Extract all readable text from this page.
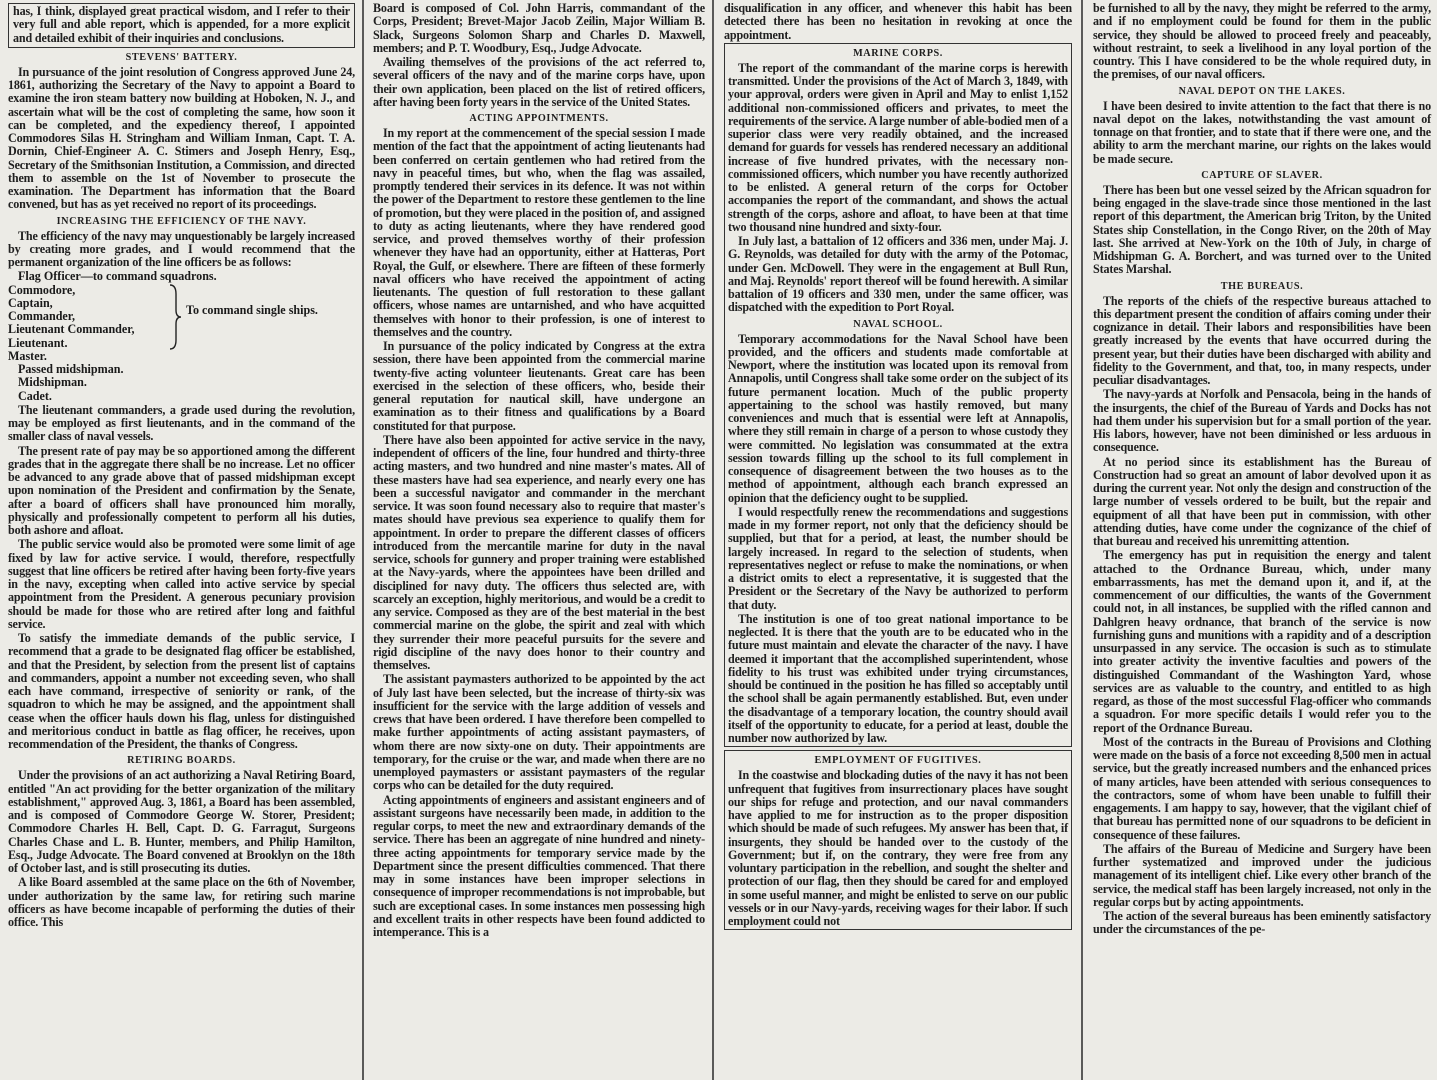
has, I think, displayed great practical wisdom, and I refer to their very full and able report, which is appended, for a more explicit and detailed exhibit of their inquiries and conclusions.

STEVENS' BATTERY.

In pursuance of the joint resolution of Congress approved June 24, 1861, authorizing the Secretary of the Navy to appoint a Board to examine the iron steam battery now building at Hoboken, N. J., and ascertain what will be the cost of completing the same, how soon it can be completed, and the expediency thereof, I appointed Commodores Silas H. Stringham and William Inman, Capt. T. A. Dornin, Chief-Engineer A. C. Stimers and Joseph Henry, Esq., Secretary of the Smithsonian Institution, a Commission, and directed them to assemble on the 1st of November to prosecute the examination. The Department has information that the Board convened, but has as yet received no report of its proceedings.

INCREASING THE EFFICIENCY OF THE NAVY.

The efficiency of the navy may unquestionably be largely increased by creating more grades, and I would recommend that the permanent organization of the line officers be as follows:

Flag Officer—to command squadrons.
Commodore,
Captain,
Commander,
Lieutenant Commander,
Lieutenant.
Master.
To command single ships.
Passed midshipman.
Midshipman.
Cadet.

The lieutenant commanders, a grade used during the revolution, may be employed as first lieutenants, and in the command of the smaller class of naval vessels.

The present rate of pay may be so apportioned among the different grades that in the aggregate there shall be no increase. Let no officer be advanced to any grade above that of passed midshipman except upon nomination of the President and confirmation by the Senate, after a board of officers shall have pronounced him morally, physically and professionally competent to perform all his duties, both ashore and afloat.

The public service would also be promoted were some limit of age fixed by law for active service. I would, therefore, respectfully suggest that line officers be retired after having been forty-five years in the navy, excepting when called into active service by special appointment from the President. A generous pecuniary provision should be made for those who are retired after long and faithful service.

To satisfy the immediate demands of the public service, I recommend that a grade to be designated flag officer be established, and that the President, by selection from the present list of captains and commanders, appoint a number not exceeding seven, who shall each have command, irrespective of seniority or rank, of the squadron to which he may be assigned, and the appointment shall cease when the officer hauls down his flag, unless for distinguished and meritorious conduct in battle as flag officer, he receives, upon recommendation of the President, the thanks of Congress.

RETIRING BOARDS.

Under the provisions of an act authorizing a Naval Retiring Board, entitled "An act providing for the better organization of the military establishment," approved Aug. 3, 1861, a Board has been assembled, and is composed of Commodore George W. Storer, President; Commodore Charles H. Bell, Capt. D. G. Farragut, Surgeons Charles Chase and L. B. Hunter, members, and Philip Hamilton, Esq., Judge Advocate. The Board convened at Brooklyn on the 18th of October last, and is still prosecuting its duties.

A like Board assembled at the same place on the 6th of November, under authorization by the same law, for retiring such marine officers as have become incapable of performing the duties of their office. This

Board is composed of Col. John Harris, commandant of the Corps, President; Brevet-Major Jacob Zeilin, Major William B. Slack, Surgeons Solomon Sharp and Charles D. Maxwell, members; and P. T. Woodbury, Esq., Judge Advocate.

Availing themselves of the provisions of the act referred to, several officers of the navy and of the marine corps have, upon their own application, been placed on the list of retired officers, after having been forty years in the service of the United States.

ACTING APPOINTMENTS.

In my report at the commencement of the special session I made mention of the fact that the appointment of acting lieutenants had been conferred on certain gentlemen who had retired from the navy in peaceful times, but who, when the flag was assailed, promptly tendered their services in its defence. It was not within the power of the Department to restore these gentlemen to the line of promotion, but they were placed in the position of, and assigned to duty as acting lieutenants, where they have rendered good service, and proved themselves worthy of their profession whenever they have had an opportunity, either at Hatteras, Port Royal, the Gulf, or elsewhere. There are fifteen of these formerly naval officers who have received the appointment of acting lieutenants. The question of full restoration to these gallant officers, whose names are untarnished, and who have acquitted themselves with honor to their profession, is one of interest to themselves and the country.

In pursuance of the policy indicated by Congress at the extra session, there have been appointed from the commercial marine twenty-five acting volunteer lieutenants. Great care has been exercised in the selection of these officers, who, beside their general reputation for nautical skill, have undergone an examination as to their fitness and qualifications by a Board constituted for that purpose.

There have also been appointed for active service in the navy, independent of officers of the line, four hundred and thirty-three acting masters, and two hundred and nine master's mates. All of these masters have had sea experience, and nearly every one has been a successful navigator and commander in the merchant service. It was soon found necessary also to require that master's mates should have previous sea experience to qualify them for appointment. In order to prepare the different classes of officers introduced from the mercantile marine for duty in the naval service, schools for gunnery and proper training were established at the Navy-yards, where the appointees have been drilled and disciplined for navy duty. The officers thus selected are, with scarcely an exception, highly meritorious, and would be a credit to any service. Composed as they are of the best material in the best commercial marine on the globe, the spirit and zeal with which they surrender their more peaceful pursuits for the severe and rigid discipline of the navy does honor to their country and themselves.

The assistant paymasters authorized to be appointed by the act of July last have been selected, but the increase of thirty-six was insufficient for the service with the large addition of vessels and crews that have been ordered. I have therefore been compelled to make further appointments of acting assistant paymasters, of whom there are now sixty-one on duty. Their appointments are temporary, for the cruise or the war, and made when there are no unemployed paymasters or assistant paymasters of the regular corps who can be detailed for the duty required.

Acting appointments of engineers and assistant engineers and of assistant surgeons have necessarily been made, in addition to the regular corps, to meet the new and extraordinary demands of the service. There has been an aggregate of nine hundred and ninety-three acting appointments for temporary service made by the Department since the present difficulties commenced. That there may in some instances have been improper selections in consequence of improper recommendations is not improbable, but such are exceptional cases. In some instances men possessing high and excellent traits in other respects have been found addicted to intemperance. This is a

disqualification in any officer, and whenever this habit has been detected there has been no hesitation in revoking at once the appointment.

MARINE CORPS.

The report of the commandant of the marine corps is herewith transmitted. Under the provisions of the Act of March 3, 1849, with your approval, orders were given in April and May to enlist 1,152 additional non-commissioned officers and privates, to meet the requirements of the service. A large number of able-bodied men of a superior class were very readily obtained, and the increased demand for guards for vessels has rendered necessary an additional increase of five hundred privates, with the necessary non-commissioned officers, which number you have recently authorized to be enlisted. A general return of the corps for October accompanies the report of the commandant, and shows the actual strength of the corps, ashore and afloat, to have been at that time two thousand nine hundred and sixty-four.

In July last, a battalion of 12 officers and 336 men, under Maj. J. G. Reynolds, was detailed for duty with the army of the Potomac, under Gen. McDowell. They were in the engagement at Bull Run, and Maj. Reynolds' report thereof will be found herewith. A similar battalion of 19 officers and 330 men, under the same officer, was dispatched with the expedition to Port Royal.

NAVAL SCHOOL.

Temporary accommodations for the Naval School have been provided, and the officers and students made comfortable at Newport, where the institution was located upon its removal from Annapolis, until Congress shall take some order on the subject of its future permanent location. Much of the public property appertaining to the school was hastily removed, but many conveniences and much that is essential were left at Annapolis, where they still remain in charge of a person to whose custody they were committed. No legislation was consummated at the extra session towards filling up the school to its full complement in consequence of disagreement between the two houses as to the method of appointment, although each branch expressed an opinion that the deficiency ought to be supplied.

I would respectfully renew the recommendations and suggestions made in my former report, not only that the deficiency should be supplied, but that for a period, at least, the number should be largely increased. In regard to the selection of students, when representatives neglect or refuse to make the nominations, or when a district omits to elect a representative, it is suggested that the President or the Secretary of the Navy be authorized to perform that duty.

The institution is one of too great national importance to be neglected. It is there that the youth are to be educated who in the future must maintain and elevate the character of the navy. I have deemed it important that the accomplished superintendent, whose fidelity to his trust was exhibited under trying circumstances, should be continued in the position he has filled so acceptably until the school shall be again permanently established. But, even under the disadvantage of a temporary location, the country should avail itself of the opportunity to educate, for a period at least, double the number now authorized by law.

EMPLOYMENT OF FUGITIVES.

In the coastwise and blockading duties of the navy it has not been unfrequent that fugitives from insurrectionary places have sought our ships for refuge and protection, and our naval commanders have applied to me for instruction as to the proper disposition which should be made of such refugees. My answer has been that, if insurgents, they should be handed over to the custody of the Government; but if, on the contrary, they were free from any voluntary participation in the rebellion, and sought the shelter and protection of our flag, then they should be cared for and employed in some useful manner, and might be enlisted to serve on our public vessels or in our Navy-yards, receiving wages for their labor. If such employment could not

be furnished to all by the navy, they might be referred to the army, and if no employment could be found for them in the public service, they should be allowed to proceed freely and peaceably, without restraint, to seek a livelihood in any loyal portion of the country. This I have considered to be the whole required duty, in the premises, of our naval officers.

NAVAL DEPOT ON THE LAKES.

I have been desired to invite attention to the fact that there is no naval depot on the lakes, notwithstanding the vast amount of tonnage on that frontier, and to state that if there were one, and the ability to arm the merchant marine, our rights on the lakes would be made secure.

CAPTURE OF SLAVER.

There has been but one vessel seized by the African squadron for being engaged in the slave-trade since those mentioned in the last report of this department, the American brig Triton, by the United States ship Constellation, in the Congo River, on the 20th of May last. She arrived at New-York on the 10th of July, in charge of Midshipman G. A. Borchert, and was turned over to the United States Marshal.

THE BUREAUS.

The reports of the chiefs of the respective bureaus attached to this department present the condition of affairs coming under their cognizance in detail. Their labors and responsibilities have been greatly increased by the events that have occurred during the present year, but their duties have been discharged with ability and fidelity to the Government, and that, too, in many respects, under peculiar disadvantages.

The navy-yards at Norfolk and Pensacola, being in the hands of the insurgents, the chief of the Bureau of Yards and Docks has not had them under his supervision but for a small portion of the year. His labors, however, have not been diminished or less arduous in consequence.

At no period since its establishment has the Bureau of Construction had so great an amount of labor devolved upon it as during the current year. Not only the design and construction of the large number of vessels ordered to be built, but the repair and equipment of all that have been put in commission, with other attending duties, have come under the cognizance of the chief of that bureau and received his unremitting attention.

The emergency has put in requisition the energy and talent attached to the Ordnance Bureau, which, under many embarrassments, has met the demand upon it, and if, at the commencement of our difficulties, the wants of the Government could not, in all instances, be supplied with the rifled cannon and Dahlgren heavy ordnance, that branch of the service is now furnishing guns and munitions with a rapidity and of a description unsurpassed in any service. The occasion is such as to stimulate into greater activity the inventive faculties and powers of the distinguished Commandant of the Washington Yard, whose services are as valuable to the country, and entitled to as high regard, as those of the most successful Flag-officer who commands a squadron. For more specific details I would refer you to the report of the Ordnance Bureau.

Most of the contracts in the Bureau of Provisions and Clothing were made on the basis of a force not exceeding 8,500 men in actual service, but the greatly increased numbers and the enhanced prices of many articles, have been attended with serious consequences to the contractors, some of whom have been unable to fulfill their engagements. I am happy to say, however, that the vigilant chief of that bureau has permitted none of our squadrons to be deficient in consequence of these failures.

The affairs of the Bureau of Medicine and Surgery have been further systematized and improved under the judicious management of its intelligent chief. Like every other branch of the service, the medical staff has been largely increased, not only in the regular corps but by acting appointments.

The action of the several bureaus has been eminently satisfactory under the circumstances of the pe-
